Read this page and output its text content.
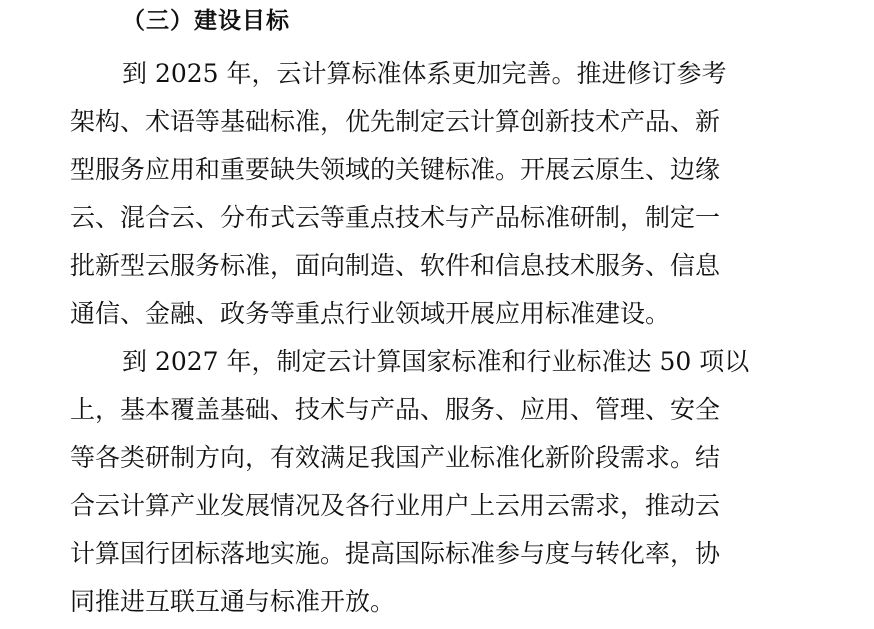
（三）建设目标

到 2025 年，云计算标准体系更加完善。推进修订参考

架构、术语等基础标准，优先制定云计算创新技术产品、新

型服务应用和重要缺失领域的关键标准。开展云原生、边缘

云、混合云、分布式云等重点技术与产品标准研制，制定一

批新型云服务标准，面向制造、软件和信息技术服务、信息

通信、金融、政务等重点行业领域开展应用标准建设。

到 2027 年，制定云计算国家标准和行业标准达 50 项以

上，基本覆盖基础、技术与产品、服务、应用、管理、安全

等各类研制方向，有效满足我国产业标准化新阶段需求。结

合云计算产业发展情况及各行业用户上云用云需求，推动云

计算国行团标落地实施。提高国际标准参与度与转化率，协

同推进互联互通与标准开放。
